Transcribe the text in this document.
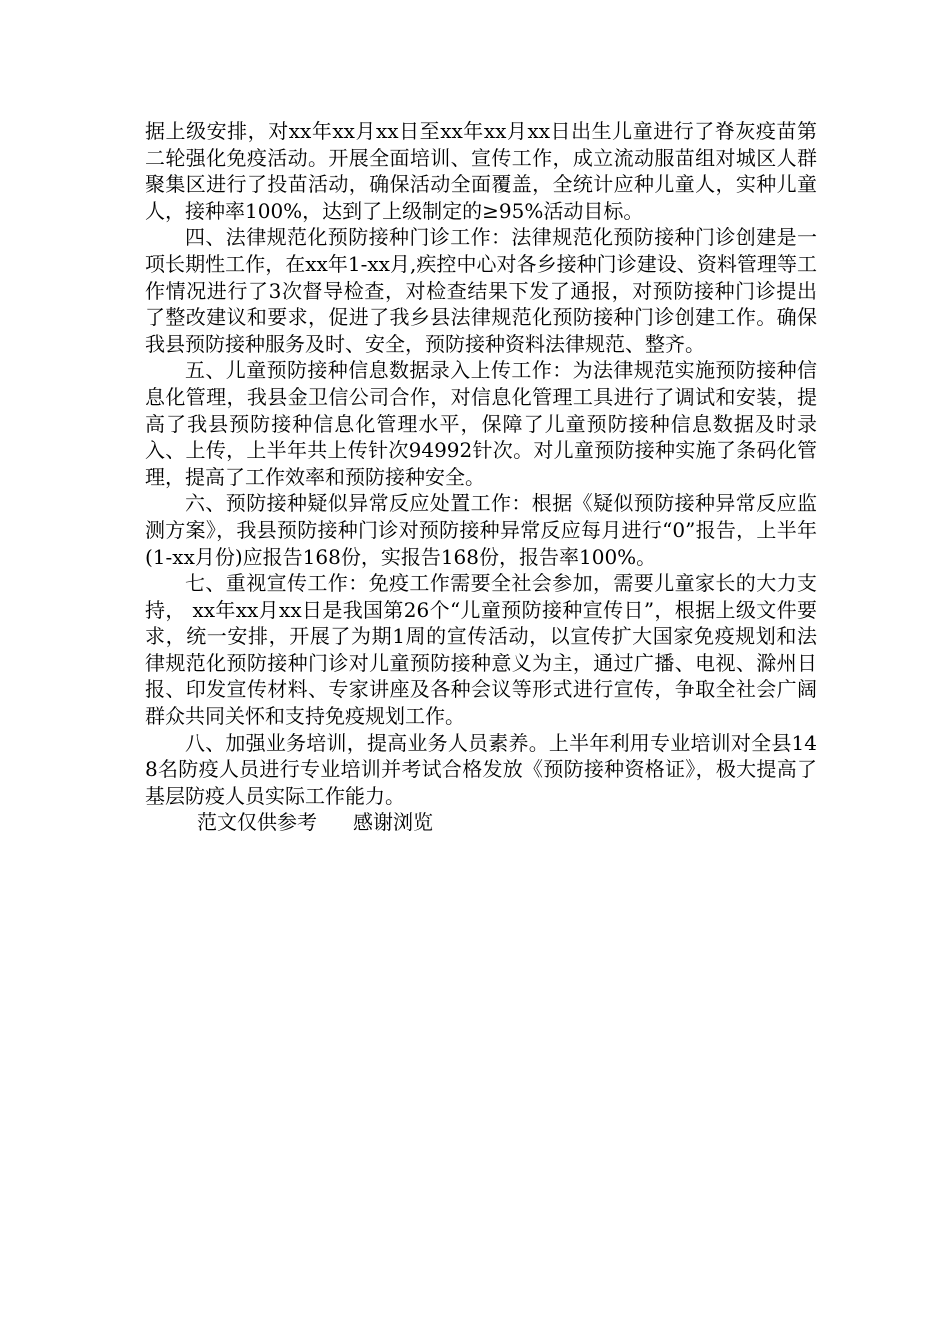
据上级安排，对xx年xx月xx日至xx年xx月xx日出生儿童进行了脊灰疫苗第二轮强化免疫活动。开展全面培训、宣传工作，成立流动服苗组对城区人群聚集区进行了投苗活动，确保活动全面覆盖，全统计应种儿童人，实种儿童 人，接种率100%，达到了上级制定的≥95%活动目标。

四、法律规范化预防接种门诊工作：法律规范化预防接种门诊创建是一项长期性工作，在xx年1-xx月,疾控中心对各乡接种门诊建设、资料管理等工作情况进行了3次督导检查，对检查结果下发了通报，对预防接种门诊提出了整改建议和要求，促进了我乡县法律规范化预防接种门诊创建工作。确保我县预防接种服务及时、安全，预防接种资料法律规范、整齐。

五、儿童预防接种信息数据录入上传工作：为法律规范实施预防接种信息化管理，我县金卫信公司合作，对信息化管理工具进行了调试和安装，提高了我县预防接种信息化管理水平，保障了儿童预防接种信息数据及时录入、上传，上半年共上传针次94992针次。对儿童预防接种实施了条码化管理，提高了工作效率和预防接种安全。

六、预防接种疑似异常反应处置工作：根据《疑似预防接种异常反应监测方案》，我县预防接种门诊对预防接种异常反应每月进行“0”报告，上半年(1-xx月份)应报告168份，实报告168份，报告率100%。

七、重视宣传工作：免疫工作需要全社会参加，需要儿童家长的大力支持， xx年xx月xx日是我国第26个“儿童预防接种宣传日”，根据上级文件要求，统一安排，开展了为期1周的宣传活动，以宣传扩大国家免疫规划和法律规范化预防接种门诊对儿童预防接种意义为主，通过广播、电视、滁州日报、印发宣传材料、专家讲座及各种会议等形式进行宣传，争取全社会广阔群众共同关怀和支持免疫规划工作。

八、加强业务培训，提高业务人员素养。上半年利用专业培训对全县148名防疫人员进行专业培训并考试合格发放《预防接种资格证》，极大提高了基层防疫人员实际工作能力。

范文仅供参考 感谢浏览
